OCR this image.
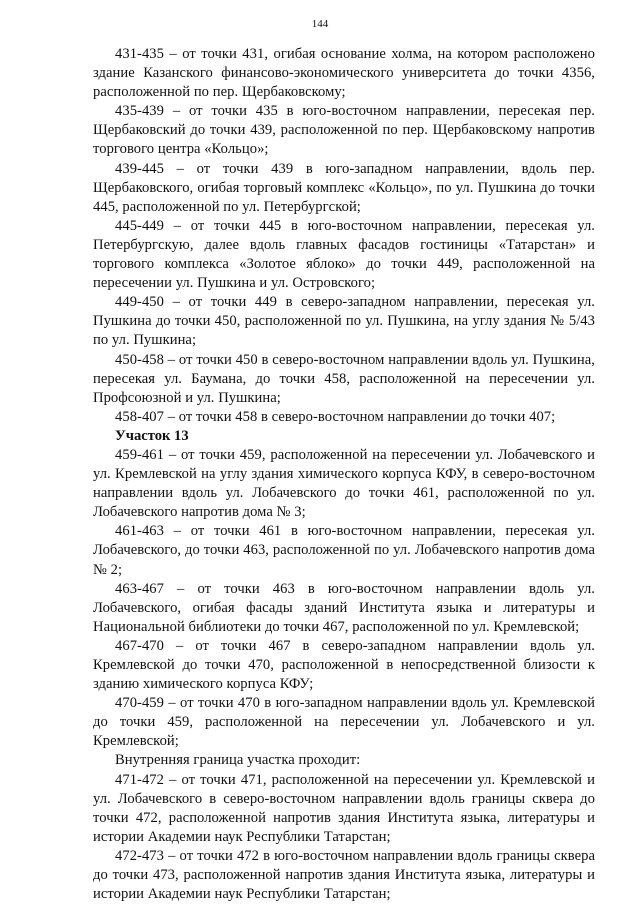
144

431-435 – от точки 431, огибая основание холма, на котором расположено здание Казанского финансово-экономического университета до точки 4356, расположенной по пер. Щербаковскому;

435-439 – от точки 435 в юго-восточном направлении, пересекая пер. Щербаковский до точки 439, расположенной по пер. Щербаковскому напротив торгового центра «Кольцо»;

439-445 – от точки 439 в юго-западном направлении, вдоль пер. Щербаковского, огибая торговый комплекс «Кольцо», по ул. Пушкина до точки 445, расположенной по ул. Петербургской;

445-449 – от точки 445 в юго-восточном направлении, пересекая ул. Петербургскую, далее вдоль главных фасадов гостиницы «Татарстан» и торгового комплекса «Золотое яблоко» до точки 449, расположенной на пересечении ул. Пушкина и ул. Островского;

449-450 – от точки 449 в северо-западном направлении, пересекая ул. Пушкина до точки 450, расположенной по ул. Пушкина, на углу здания № 5/43 по ул. Пушкина;

450-458 – от точки 450 в северо-восточном направлении вдоль ул. Пушкина, пересекая ул. Баумана, до точки 458, расположенной на пересечении ул. Профсоюзной и ул. Пушкина;

458-407 – от точки 458 в северо-восточном направлении до точки 407;

Участок 13

459-461 – от точки 459, расположенной на пересечении ул. Лобачевского и ул. Кремлевской на углу здания химического корпуса КФУ, в северо-восточном направлении вдоль ул. Лобачевского до точки 461, расположенной по ул. Лобачевского напротив дома № 3;

461-463 – от точки 461 в юго-восточном направлении, пересекая ул. Лобачевского, до точки 463, расположенной по ул. Лобачевского напротив дома № 2;

463-467 – от точки 463 в юго-восточном направлении вдоль ул. Лобачевского, огибая фасады зданий Института языка и литературы и Национальной библиотеки до точки 467, расположенной по ул. Кремлевской;

467-470 – от точки 467 в северо-западном направлении вдоль ул. Кремлевской до точки 470, расположенной в непосредственной близости к зданию химического корпуса КФУ;

470-459 – от точки 470 в юго-западном направлении вдоль ул. Кремлевской до точки 459, расположенной на пересечении ул. Лобачевского и ул. Кремлевской;

Внутренняя граница участка проходит:

471-472 – от точки 471, расположенной на пересечении ул. Кремлевской и ул. Лобачевского в северо-восточном направлении вдоль границы сквера до точки 472, расположенной напротив здания Института языка, литературы и истории Академии наук Республики Татарстан;

472-473 – от точки 472 в юго-восточном направлении вдоль границы сквера до точки 473, расположенной напротив здания Института языка, литературы и истории Академии наук Республики Татарстан;
